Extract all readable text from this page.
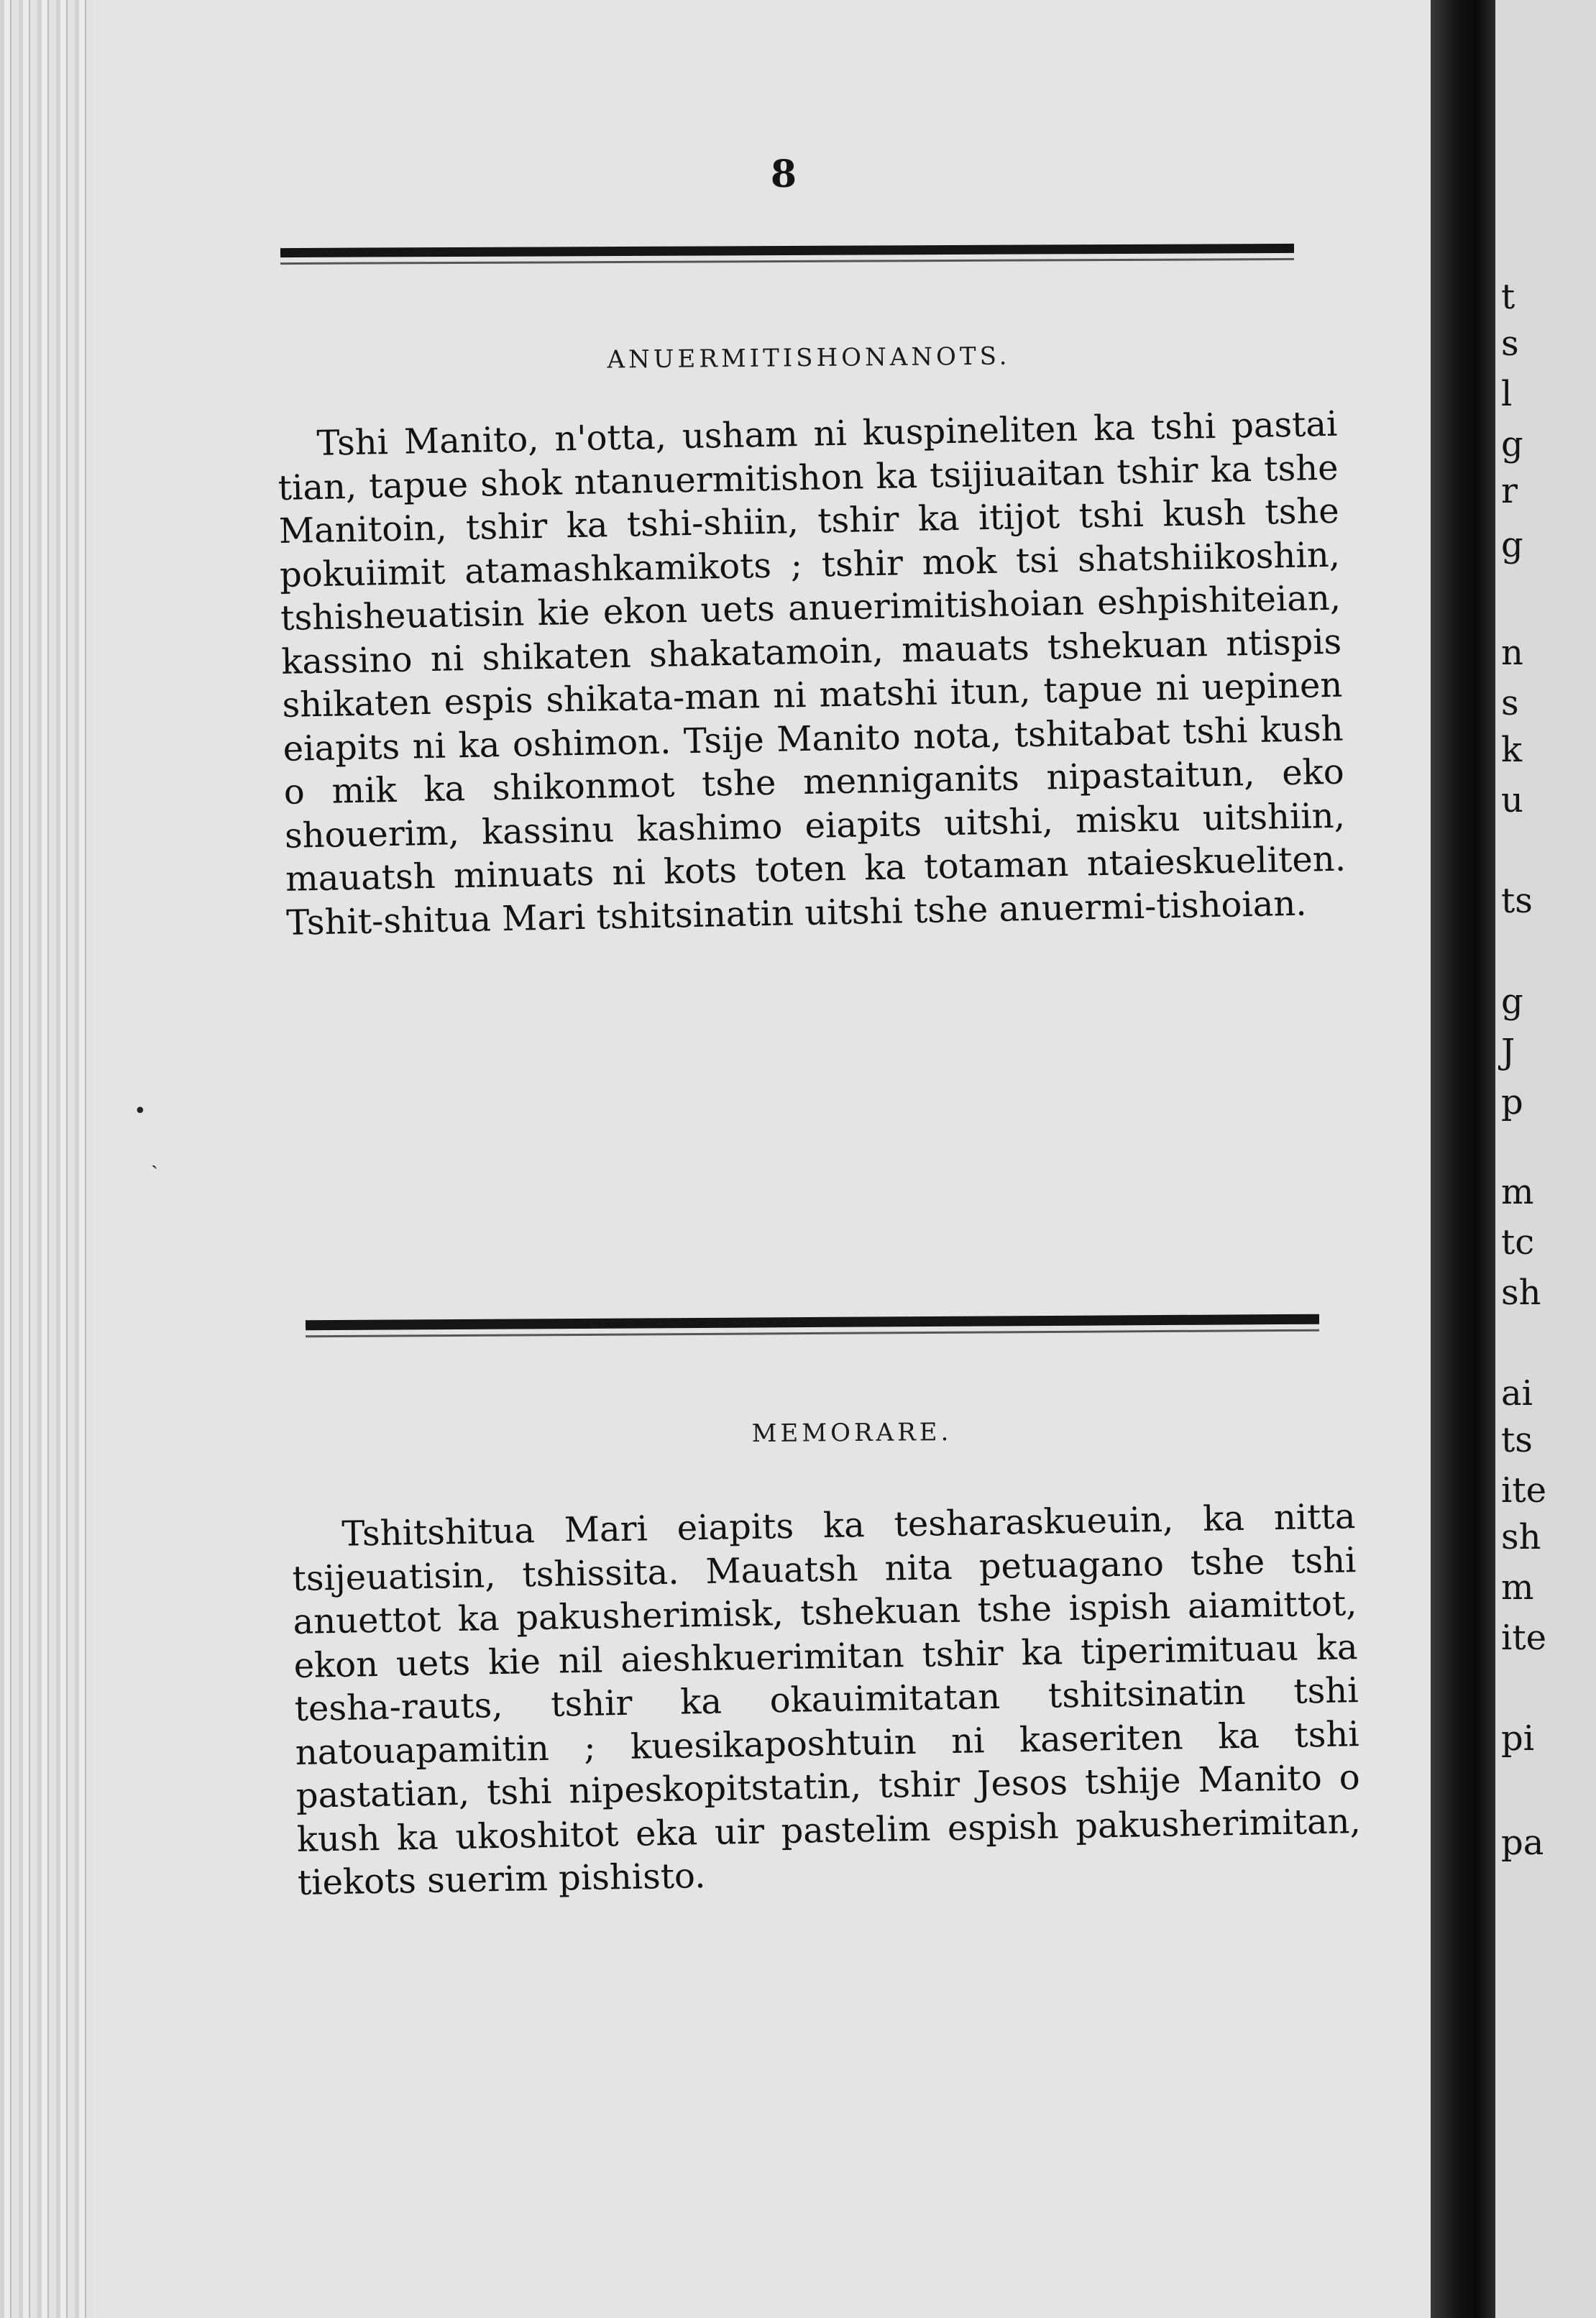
8
ANUERMITISHONANOTS.

Tshi Manito, n'otta, usham ni kuspineliten ka tshi pastai tian, tapue shok ntanuermitishon ka tsijiuaitan tshir ka tshe Manitoin, tshir ka tshi-shiin, tshir ka itijot tshi kush tshe pokuiimit atamashkamikots ; tshir mok tsi shatshiikoshin, tshisheuatisin kie ekon uets anuerimitishoian eshpishiteian, kassino ni shikaten shakatamoin, mauats tshekuan ntispis shikaten espis shikata-man ni matshi itun, tapue ni uepinen eiapits ni ka oshimon. Tsije Manito nota, tshitabat tshi kush o mik ka shikonmot tshe menniganits nipastaitun, eko shouerim, kassinu kashimo eiapits uitshi, misku uitshiin, mauatsh minuats ni kots toten ka totaman ntaieskueliten. Tshit-shitua Mari tshitsinatin uitshi tshe anuermi-tishoian.

•
ˏ
MEMORARE.

Tshitshitua Mari eiapits ka tesharaskueuin, ka nitta tsijeuatisin, tshissita. Mauatsh nita petuagano tshe tshi anuettot ka pakusherimisk, tshekuan tshe ispish aiamittot, ekon uets kie nil aieshkuerimitan tshir ka tiperimituau ka tesha-rauts, tshir ka okauimitatan tshitsinatin tshi natouapamitin ; kuesikaposhtuin ni kaseriten ka tshi pastatian, tshi nipeskopitstatin, tshir Jesos tshije Manito o kush ka ukoshitot eka uir pastelim espish pakusherimitan, tiekots suerim pishisto.

t
s
l
g
r
g
n
s
k
u
ts
g
J
p
m
tc
sh
ai
ts
ite
sh
m
ite
pi
pa
